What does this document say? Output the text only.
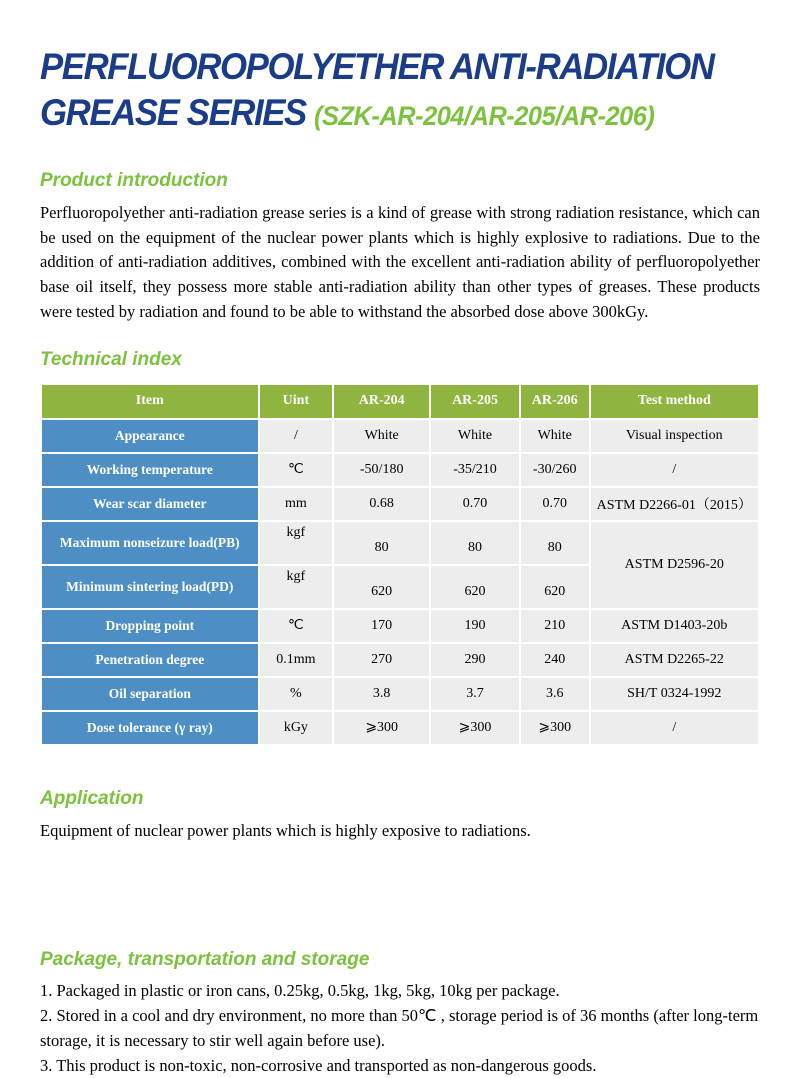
PERFLUOROPOLYETHER ANTI-RADIATION
GREASE SERIES (SZK-AR-204/AR-205/AR-206)
Product introduction

Perfluoropolyether anti-radiation grease series is a kind of grease with strong radiation resistance, which can be used on the equipment of the nuclear power plants which is highly explosive to radiations. Due to the addition of anti-radiation additives, combined with the excellent anti-radiation ability of perfluoropolyether base oil itself, they possess more stable anti-radiation ability than other types of greases. These products were tested by radiation and found to be able to withstand the absorbed dose above 300kGy.

Technical index
Item	Uint	AR-204	AR-205	AR-206	Test method
Appearance	/	White	White	White	Visual inspection
Working temperature	℃	-50/180	-35/210	-30/260	/
Wear scar diameter	mm	0.68	0.70	0.70	ASTM D2266-01（2015）
Maximum nonseizure load(PB)	kgf	80	80	80	ASTM D2596-20
Minimum sintering load(PD)	kgf	620	620	620	
Dropping point	℃	170	190	210	ASTM D1403-20b
Penetration degree	0.1mm	270	290	240	ASTM D2265-22
Oil separation	%	3.8	3.7	3.6	SH/T 0324-1992
Dose tolerance (γ ray)	kGy	⩾300	⩾300	⩾300	/
Application

Equipment of nuclear power plants which is highly exposive to radiations.

Package, transportation and storage

1. Packaged in plastic or iron cans, 0.25kg, 0.5kg, 1kg, 5kg, 10kg per package.

2. Stored in a cool and dry environment, no more than 50℃ , storage period is of 36 months (after long-term storage, it is necessary to stir well again before use).

3. This product is non-toxic, non-corrosive and transported as non-dangerous goods.
